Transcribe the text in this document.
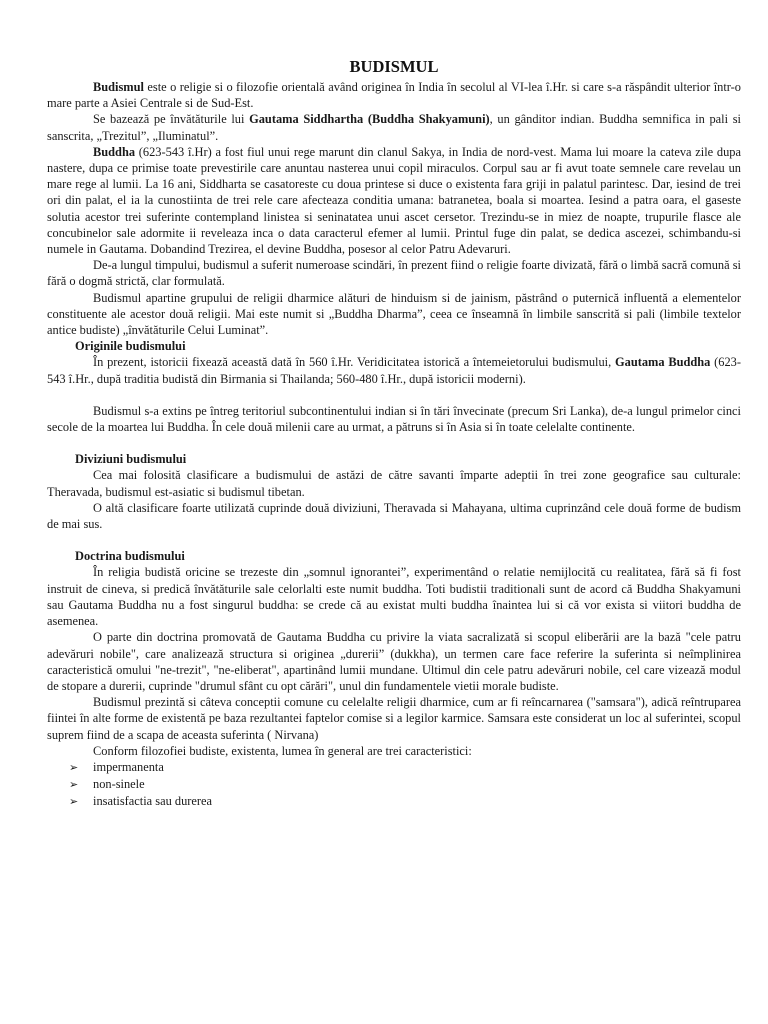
BUDISMUL

Budismul este o religie si o filozofie orientală având originea în India în secolul al VI-lea î.Hr. si care s-a răspândit ulterior într-o mare parte a Asiei Centrale si de Sud-Est.

Se bazează pe învătăturile lui Gautama Siddhartha (Buddha Shakyamuni), un gânditor indian. Buddha semnifica in pali si sanscrita, „Trezitul”, „Iluminatul”.

Buddha (623-543 î.Hr) a fost fiul unui rege marunt din clanul Sakya, in India de nord-vest. Mama lui moare la cateva zile dupa nastere, dupa ce primise toate prevestirile care anuntau nasterea unui copil miraculos. Corpul sau ar fi avut toate semnele care revelau un mare rege al lumii. La 16 ani, Siddharta se casatoreste cu doua printese si duce o existenta fara griji in palatul parintesc. Dar, iesind de trei ori din palat, el ia la cunostiinta de trei rele care afecteaza conditia umana: batranetea, boala si moartea. Iesind a patra oara, el gaseste solutia acestor trei suferinte contempland linistea si seninatatea unui ascet cersetor. Trezindu-se in miez de noapte, trupurile flasce ale concubinelor sale adormite ii reveleaza inca o data caracterul efemer al lumii. Printul fuge din palat, se dedica ascezei, schimbandu-si numele in Gautama. Dobandind Trezirea, el devine Buddha, posesor al celor Patru Adevaruri.

De-a lungul timpului, budismul a suferit numeroase scindări, în prezent fiind o religie foarte divizată, fără o limbă sacră comună si fără o dogmă strictă, clar formulată.

Budismul apartine grupului de religii dharmice alături de hinduism si de jainism, păstrând o puternică influentă a elementelor constituente ale acestor două religii. Mai este numit si „Buddha Dharma”, ceea ce înseamnă în limbile sanscrită si pali (limbile textelor antice budiste) „învătăturile Celui Luminat”.

Originile budismului

În prezent, istoricii fixează această dată în 560 î.Hr. Veridicitatea istorică a întemeietorului budismului, Gautama Buddha (623-543 î.Hr., după traditia budistă din Birmania si Thailanda; 560-480 î.Hr., după istoricii moderni).

Budismul s-a extins pe întreg teritoriul subcontinentului indian si în tări învecinate (precum Sri Lanka), de-a lungul primelor cinci secole de la moartea lui Buddha. În cele două milenii care au urmat, a pătruns si în Asia si în toate celelalte continente.

Diviziuni budismului

Cea mai folosită clasificare a budismului de astăzi de către savanti împarte adeptii în trei zone geografice sau culturale: Theravada, budismul est-asiatic si budismul tibetan.

O altă clasificare foarte utilizată cuprinde două diviziuni, Theravada si Mahayana, ultima cuprinzând cele două forme de budism de mai sus.

Doctrina budismului

În religia budistă oricine se trezeste din „somnul ignorantei”, experimentând o relatie nemijlocită cu realitatea, fără să fi fost instruit de cineva, si predică învătăturile sale celorlalti este numit buddha. Toti budistii traditionali sunt de acord că Buddha Shakyamuni sau Gautama Buddha nu a fost singurul buddha: se crede că au existat multi buddha înaintea lui si că vor exista si viitori buddha de asemenea.

O parte din doctrina promovată de Gautama Buddha cu privire la viata sacralizată si scopul eliberării are la bază "cele patru adevăruri nobile", care analizează structura si originea „durerii” (dukkha), un termen care face referire la suferinta si neîmplinirea caracteristică omului "ne-trezit", "ne-eliberat", apartinând lumii mundane. Ultimul din cele patru adevăruri nobile, cel care vizează modul de stopare a durerii, cuprinde "drumul sfânt cu opt cărări", unul din fundamentele vietii morale budiste.

Budismul prezintă si câteva conceptii comune cu celelalte religii dharmice, cum ar fi reîncarnarea ("samsara"), adică reîntruparea fiintei în alte forme de existentă pe baza rezultantei faptelor comise si a legilor karmice. Samsara este considerat un loc al suferintei, scopul suprem fiind de a scapa de aceasta suferinta ( Nirvana)

Conform filozofiei budiste, existenta, lumea în general are trei caracteristici:

➢ impermanenta
➢ non-sinele
➢ insatisfactia sau durerea
